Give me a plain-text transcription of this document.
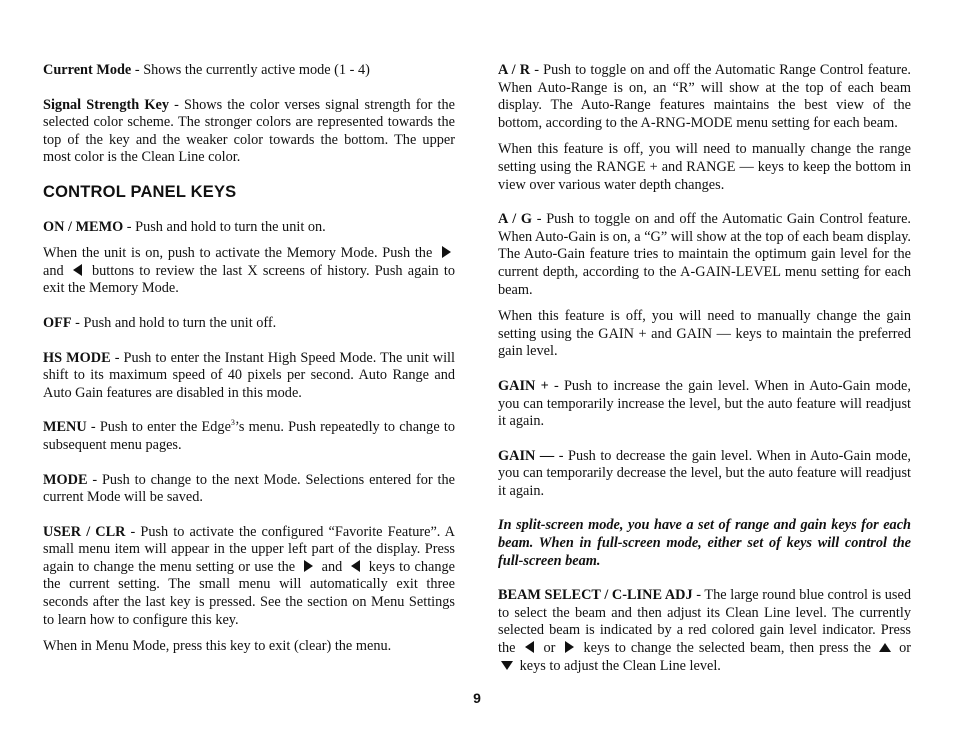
Current Mode - Shows the currently active mode (1 - 4)

Signal Strength Key - Shows the color verses signal strength for the selected color scheme. The stronger colors are represented towards the top of the key and the weaker color towards the bottom. The upper most color is the Clean Line color.

CONTROL PANEL KEYS

ON / MEMO - Push and hold to turn the unit on.

When the unit is on, push to activate the Memory Mode. Push the
and
buttons to review the last X screens of history. Push again to exit the Memory Mode.

OFF - Push and hold to turn the unit off.

HS MODE - Push to enter the Instant High Speed Mode. The unit will shift to its maximum speed of 40 pixels per second. Auto Range and Auto Gain features are disabled in this mode.

MENU - Push to enter the Edge$^3$’s menu. Push repeatedly to change to subsequent menu pages.

MODE - Push to change to the next Mode. Selections entered for the current Mode will be saved.

USER / CLR - Push to activate the configured “Favorite Feature”. A small menu item will appear in the upper left part of the display. Press again to change the menu setting or use the
and
keys to change the current setting. The small menu will automatically exit three seconds after the last key is pressed. See the section on Menu Settings to learn how to configure this key.

When in Menu Mode, press this key to exit (clear) the menu.

A / R - Push to toggle on and off the Automatic Range Control feature. When Auto-Range is on, an “R” will show at the top of each beam display. The Auto-Range features maintains the best view of the bottom, according to the A-RNG-MODE menu setting for each beam.

When this feature is off, you will need to manually change the range setting using the RANGE + and RANGE — keys to keep the bottom in view over various water depth changes.

A / G - Push to toggle on and off the Automatic Gain Control feature. When Auto-Gain is on, a “G” will show at the top of each beam display. The Auto-Gain feature tries to maintain the optimum gain level for the current depth, according to the A-GAIN-LEVEL menu setting for each beam.

When this feature is off, you will need to manually change the gain setting using the GAIN + and GAIN — keys to maintain the preferred gain level.

GAIN + - Push to increase the gain level. When in Auto-Gain mode, you can temporarily increase the level, but the auto feature will readjust it again.

GAIN — - Push to decrease the gain level. When in Auto-Gain mode, you can temporarily decrease the level, but the auto feature will readjust it again.

In split-screen mode, you have a set of range and gain keys for each beam. When in full-screen mode, either set of keys will control the full-screen beam.

BEAM SELECT / C-LINE ADJ - The large round blue control is used to select the beam and then adjust its Clean Line level. The currently selected beam is indicated by a red colored gain level indicator. Press the
or
keys to change the selected beam, then press the
or
keys to adjust the Clean Line level.

9
